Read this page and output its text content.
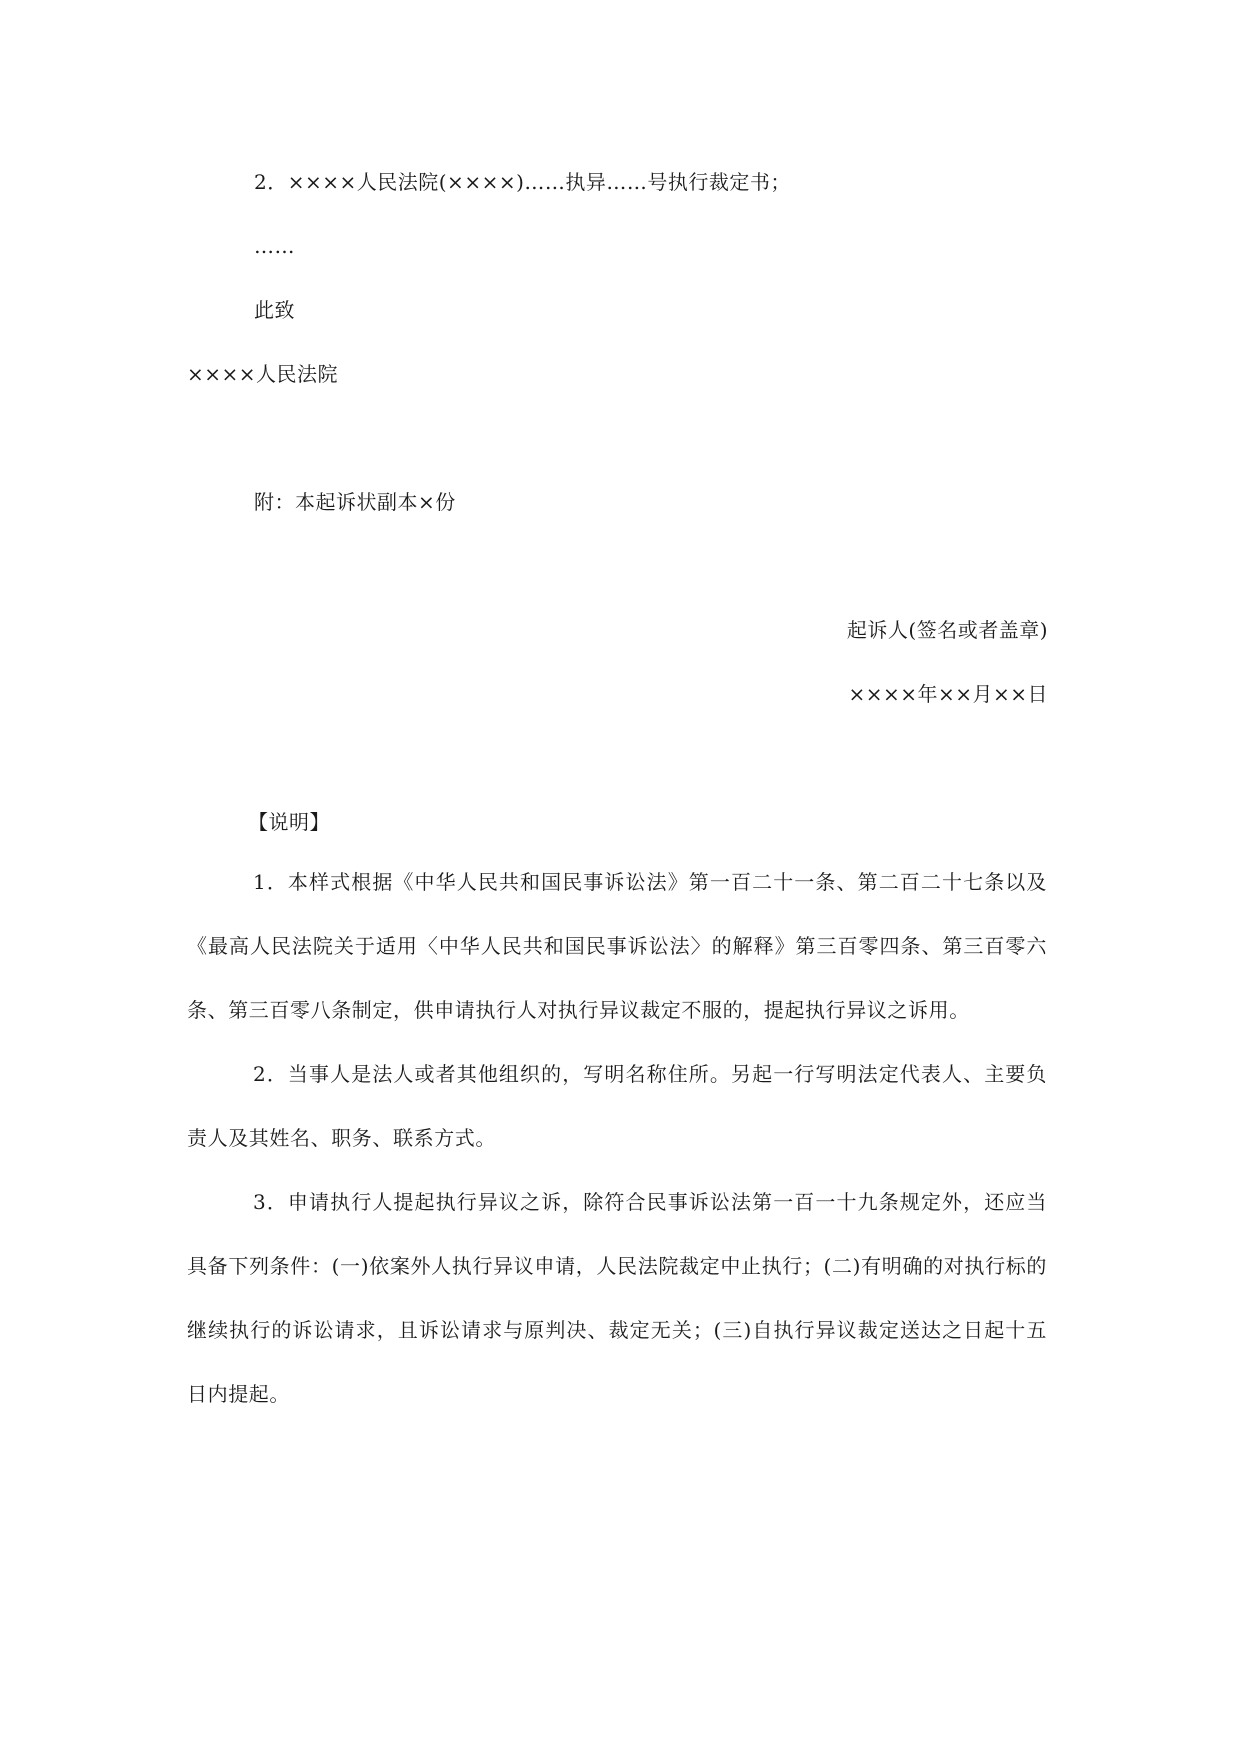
2．××××人民法院(××××)……执异……号执行裁定书；
……
此致
××××人民法院
附：本起诉状副本×份
起诉人(签名或者盖章)
××××年××月××日
【说明】
1．本样式根据《中华人民共和国民事诉讼法》第一百二十一条、第二百二十七条以及《最高人民法院关于适用〈中华人民共和国民事诉讼法〉的解释》第三百零四条、第三百零六条、第三百零八条制定，供申请执行人对执行异议裁定不服的，提起执行异议之诉用。
2．当事人是法人或者其他组织的，写明名称住所。另起一行写明法定代表人、主要负责人及其姓名、职务、联系方式。
3．申请执行人提起执行异议之诉，除符合民事诉讼法第一百一十九条规定外，还应当具备下列条件：(一)依案外人执行异议申请，人民法院裁定中止执行；(二)有明确的对执行标的继续执行的诉讼请求，且诉讼请求与原判决、裁定无关；(三)自执行异议裁定送达之日起十五日内提起。
